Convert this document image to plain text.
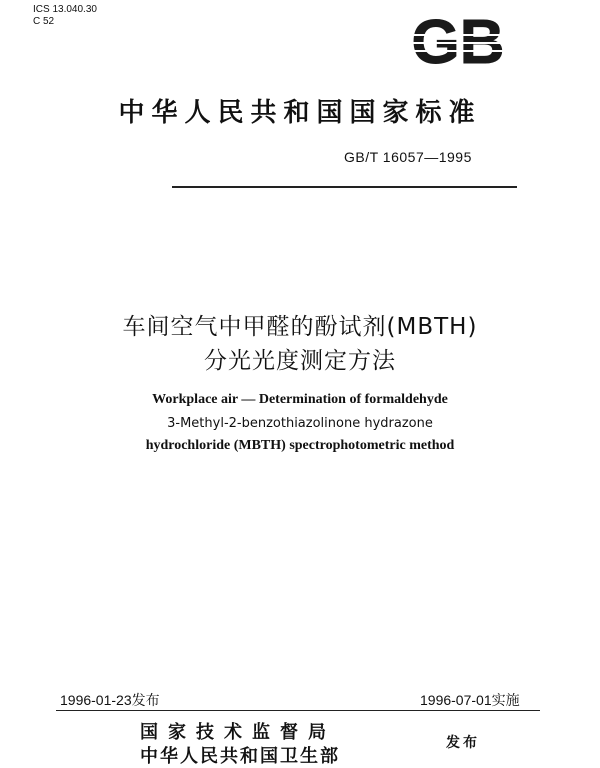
ICS 13.040.30
C 52	GB
中华人民共和国国家标准
GB/T 16057—1995
车间空气中甲醛的酚试剂(MBTH)
分光光度测定方法
Workplace air — Determination of formaldehyde
3-Methyl-2-benzothiazolinone hydrazone
hydrochloride (MBTH) spectrophotometric method
1996-01-23发布	1996-07-01实施
国家技术监督局
中华人民共和国卫生部
发布
